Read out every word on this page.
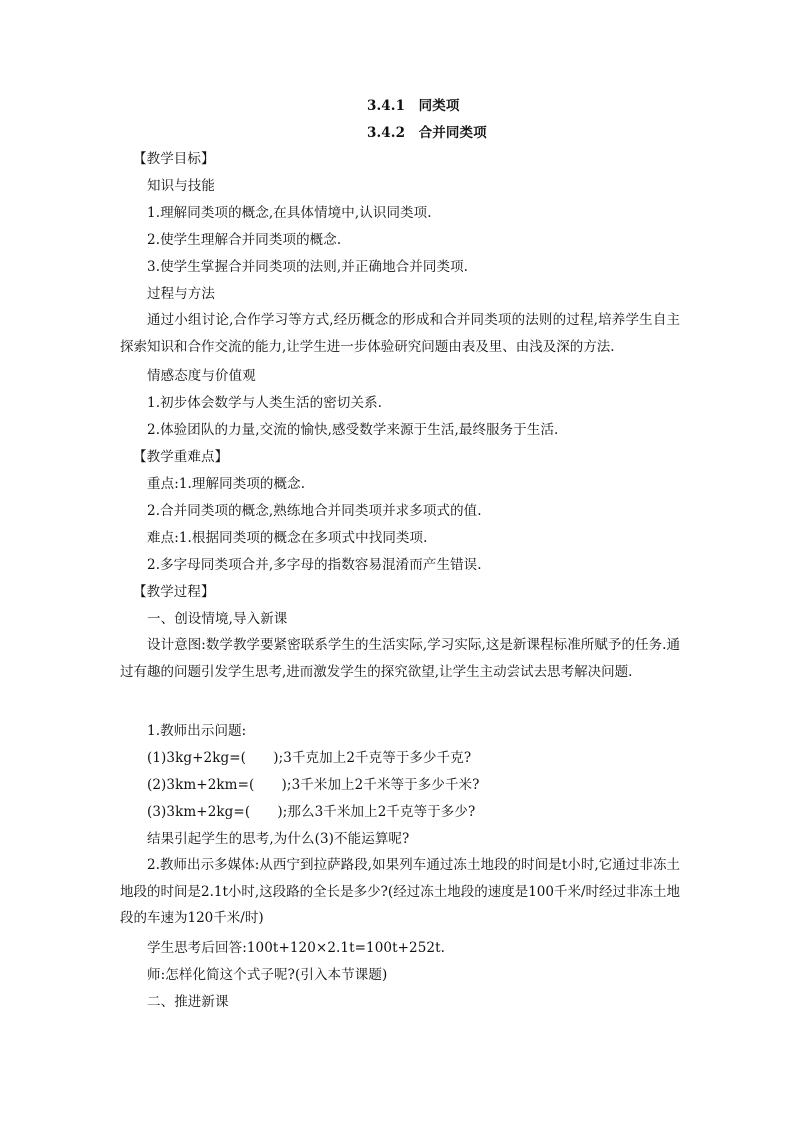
3.4.1　同类项
3.4.2　合并同类项
【教学目标】
知识与技能
1.理解同类项的概念,在具体情境中,认识同类项.
2.使学生理解合并同类项的概念.
3.使学生掌握合并同类项的法则,并正确地合并同类项.
过程与方法
通过小组讨论,合作学习等方式,经历概念的形成和合并同类项的法则的过程,培养学生自主探索知识和合作交流的能力,让学生进一步体验研究问题由表及里、由浅及深的方法.
情感态度与价值观
1.初步体会数学与人类生活的密切关系.
2.体验团队的力量,交流的愉快,感受数学来源于生活,最终服务于生活.
【教学重难点】
重点:1.理解同类项的概念.
2.合并同类项的概念,熟练地合并同类项并求多项式的值.
难点:1.根据同类项的概念在多项式中找同类项.
2.多字母同类项合并,多字母的指数容易混淆而产生错误.
【教学过程】
一、创设情境,导入新课
设计意图:数学教学要紧密联系学生的生活实际,学习实际,这是新课程标准所赋予的任务.通过有趣的问题引发学生思考,进而激发学生的探究欲望,让学生主动尝试去思考解决问题.
1.教师出示问题:
(1)3kg+2kg=(　　);3千克加上2千克等于多少千克?
(2)3km+2km=(　　);3千米加上2千米等于多少千米?
(3)3km+2kg=(　　);那么3千米加上2千克等于多少?
结果引起学生的思考,为什么(3)不能运算呢?
2.教师出示多媒体:从西宁到拉萨路段,如果列车通过冻土地段的时间是t小时,它通过非冻土地段的时间是2.1t小时,这段路的全长是多少?(经过冻土地段的速度是100千米/时经过非冻土地段的车速为120千米/时)
学生思考后回答:100t+120×2.1t=100t+252t.
师:怎样化简这个式子呢?(引入本节课题)
二、推进新课
